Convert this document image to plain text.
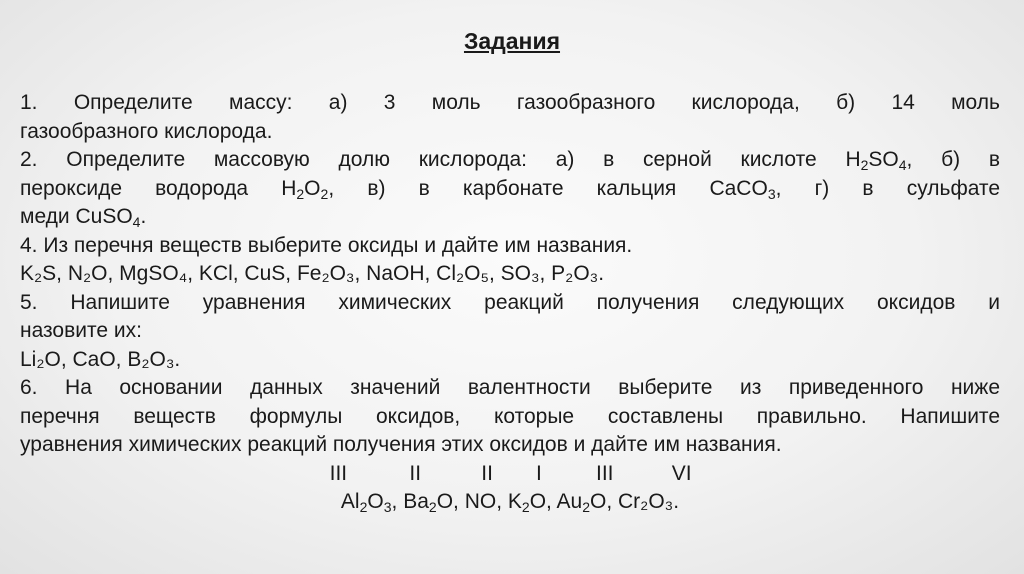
Задания
1. Определите массу: а) 3 моль газообразного кислорода, б) 14 моль
газообразного кислорода.
2. Определите массовую долю кислорода: а) в серной кислоте $H_2SO_4$, б) в
пероксиде водорода $H_2O_2$, в) в карбонате кальция CaCO$_3$, г) в сульфате
меди CuSO$_4$.
4. Из перечня веществ выберите оксиды и дайте им названия.
K₂S, N₂O, MgSO₄, KCl, CuS, Fe₂O₃, NaOH, Cl₂O₅, SO₃, P₂O₃.
5. Напишите уравнения химических реакций получения следующих оксидов и
назовите их:
Li₂O, CaO, B₂O₃.
6. На основании данных значений валентности выберите из приведенного ниже
перечня веществ формулы оксидов, которые составлены правильно. Напишите
уравнения химических реакций получения этих оксидов и дайте им названия.
III	II	II I	III	VI
$Al_2O_3$, $Ba_2O$, NO, $K_2O$, $Au_2O$, Cr₂O₃.
